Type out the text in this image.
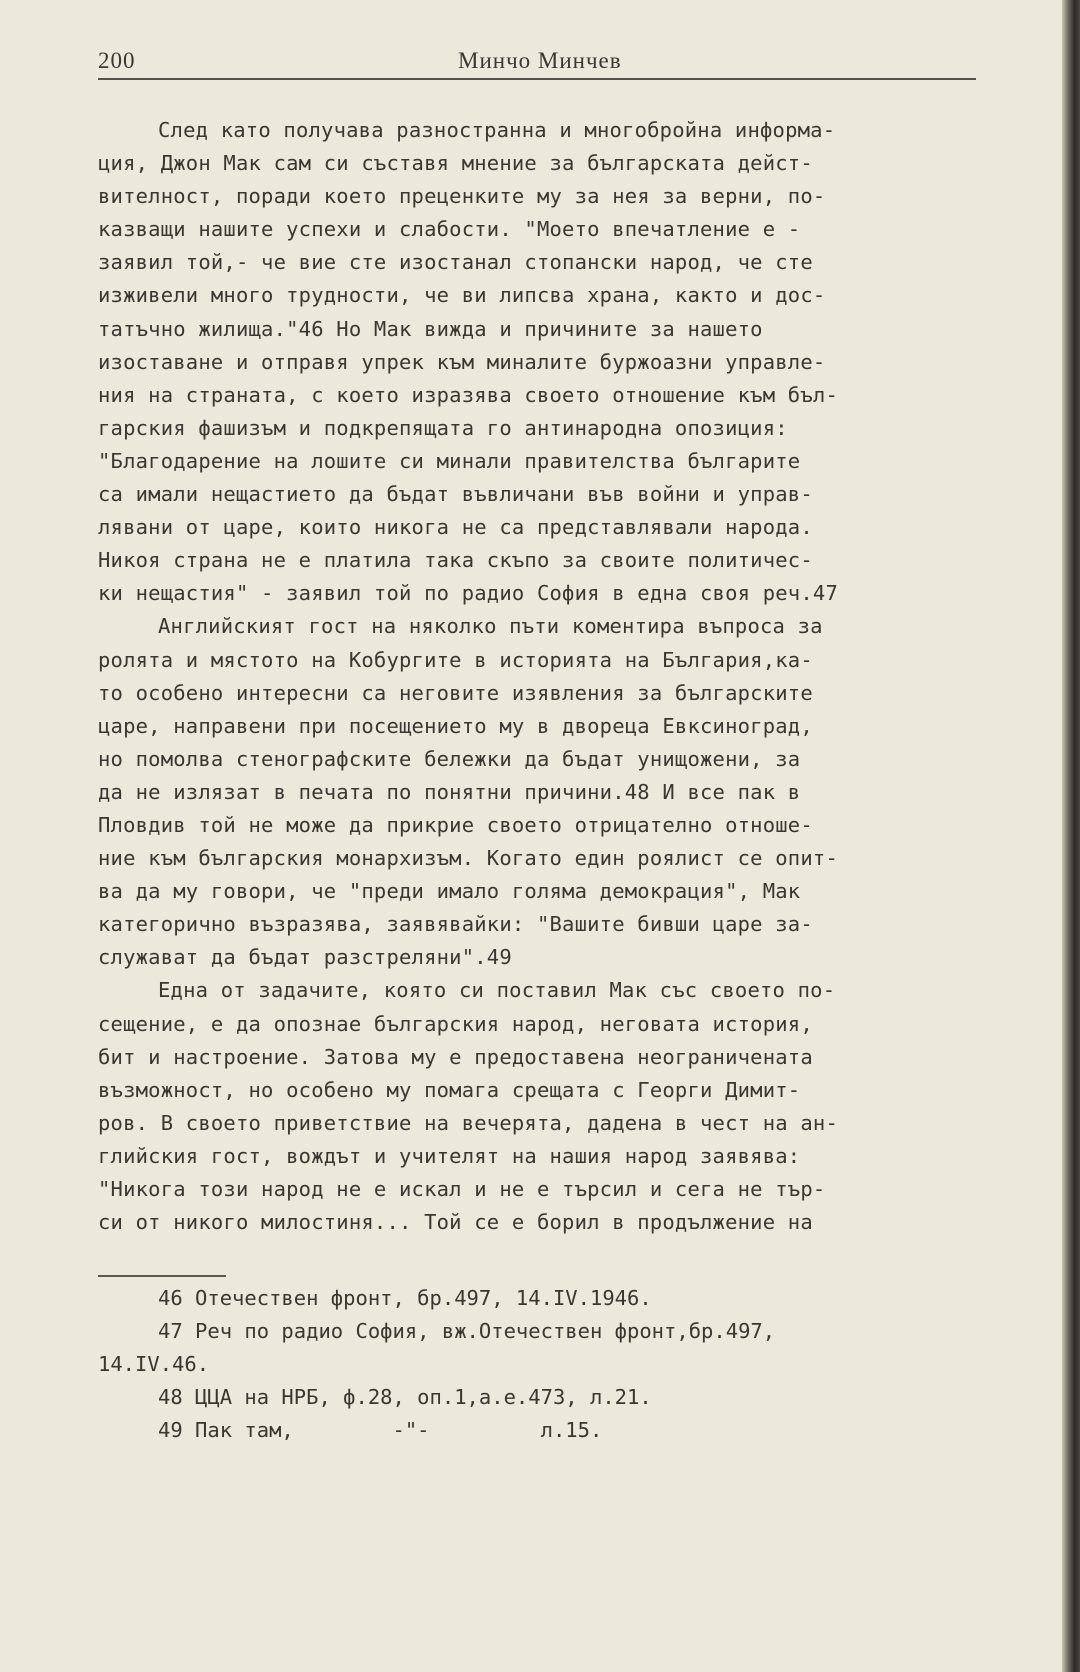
200	Минчо Минчев
След като получава разностранна и многобройна информа-
ция, Джон Мак сам си съставя мнение за българската дейст-
вителност, поради което преценките му за нея за верни, по-
казващи нашите успехи и слабости. "Моето впечатление е -
заявил той,- че вие сте изостанал стопански народ, че сте
изживели много трудности, че ви липсва храна, както и дос-
татъчно жилища."46 Но Мак вижда и причините за нашето
изоставане и отправя упрек към миналите буржоазни управле-
ния на страната, с което изразява своето отношение към бъл-
гарския фашизъм и подкрепящата го антинародна опозиция:
"Благодарение на лошите си минали правителства българите
са имали нещастието да бъдат въвличани във войни и управ-
лявани от царе, които никога не са представлявали народа.
Никоя страна не е платила така скъпо за своите политичес-
ки нещастия" - заявил той по радио София в една своя реч.47
Английският гост на няколко пъти коментира въпроса за
ролята и мястото на Кобургите в историята на България,ка-
то особено интересни са неговите изявления за българските
царе, направени при посещението му в двореца Евксиноград,
но помолва стенографските бележки да бъдат унищожени, за
да не излязат в печата по понятни причини.48 И все пак в
Пловдив той не може да прикрие своето отрицателно отноше-
ние към българския монархизъм. Когато един роялист се опит-
ва да му говори, че "преди имало голяма демокрация", Мак
категорично възразява, заявявайки: "Вашите бивши царе за-
служават да бъдат разстреляни".49
Една от задачите, която си поставил Мак със своето по-
сещение, е да опознае българския народ, неговата история,
бит и настроение. Затова му е предоставена неограничената
възможност, но особено му помага срещата с Георги Димит-
ров. В своето приветствие на вечерята, дадена в чест на ан-
глийския гост, вождът и учителят на нашия народ заявява:
"Никога този народ не е искал и не е търсил и сега не тър-
си от никого милостиня... Той се е борил в продължение на
46 Отечествен фронт, бр.497, 14.IV.1946.
47 Реч по радио София, вж.Отечествен фронт,бр.497,
14.IV.46.
48 ЦЦА на НРБ, ф.28, оп.1,а.е.473, л.21.
49 Пак там,        -"-         л.15.
